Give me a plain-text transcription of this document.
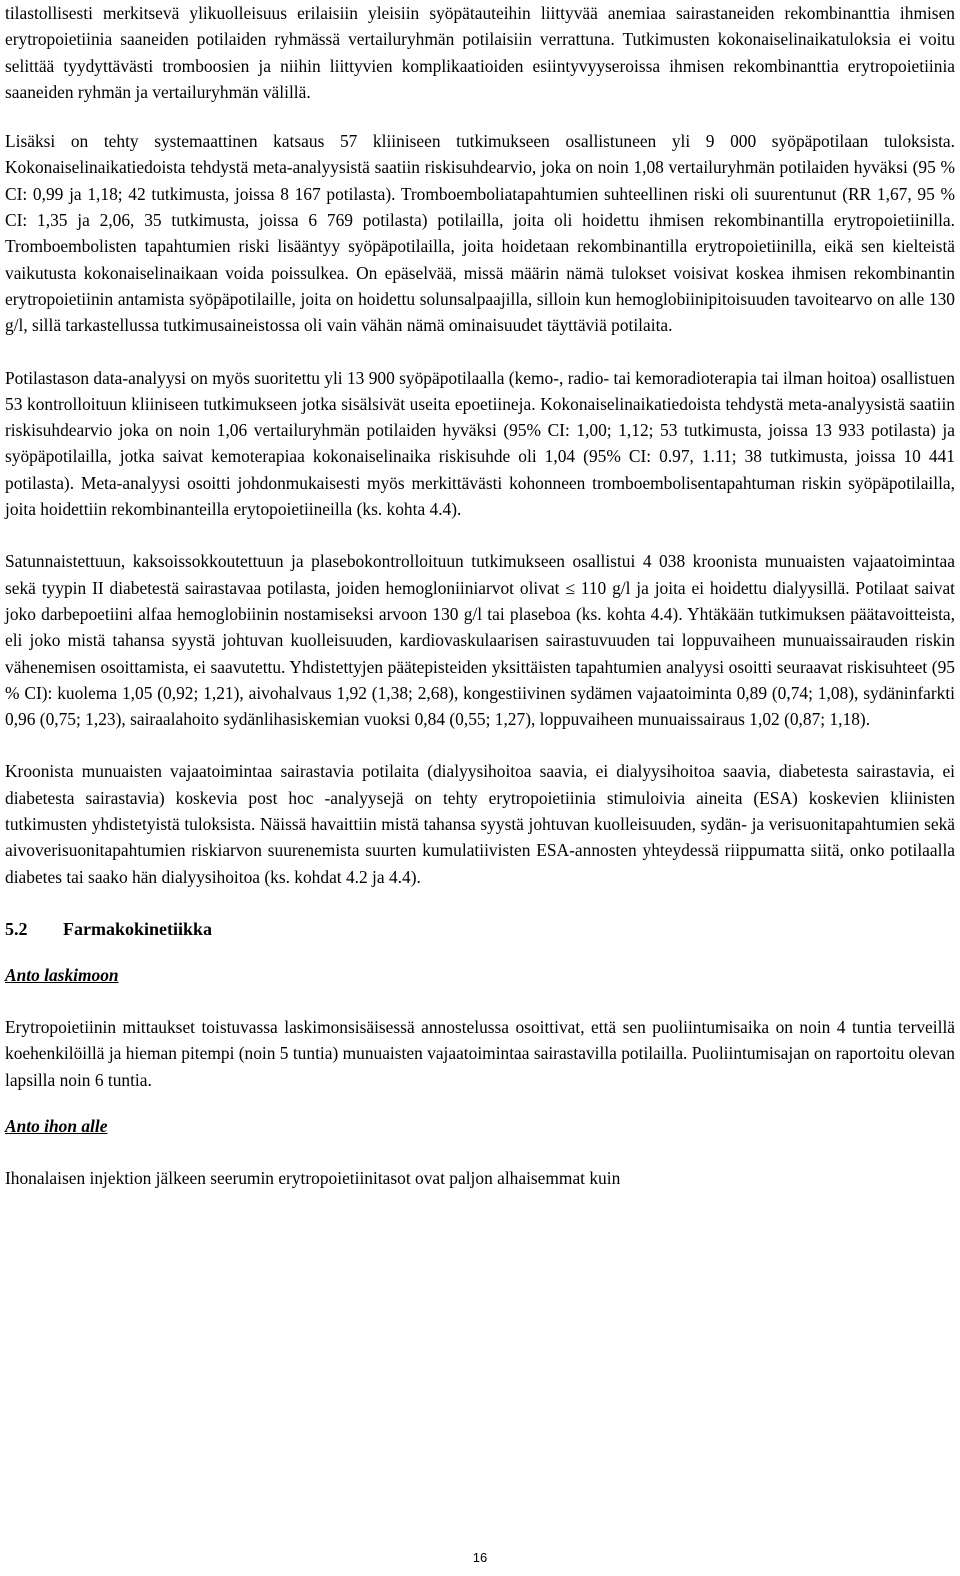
tilastollisesti merkitsevä ylikuolleisuus erilaisiin yleisiin syöpätauteihin liittyvää anemiaa sairastaneiden rekombinanttia ihmisen erytropoietiinia saaneiden potilaiden ryhmässä vertailuryhmän potilaisiin verrattuna. Tutkimusten kokonaiselinaikatuloksia ei voitu selittää tyydyttävästi tromboosien ja niihin liittyvien komplikaatioiden esiintyvyyseroissa ihmisen rekombinanttia erytropoietiinia saaneiden ryhmän ja vertailuryhmän välillä.

Lisäksi on tehty systemaattinen katsaus 57 kliiniseen tutkimukseen osallistuneen yli 9 000 syöpäpotilaan tuloksista. Kokonaiselinaikatiedoista tehdystä meta-analyysistä saatiin riskisuhdearvio, joka on noin 1,08 vertailuryhmän potilaiden hyväksi (95 % CI: 0,99 ja 1,18; 42 tutkimusta, joissa 8 167 potilasta). Tromboemboliatapahtumien suhteellinen riski oli suurentunut (RR 1,67, 95 % CI: 1,35 ja 2,06, 35 tutkimusta, joissa 6 769 potilasta) potilailla, joita oli hoidettu ihmisen rekombinantilla erytropoietiinilla. Tromboembolisten tapahtumien riski lisääntyy syöpäpotilailla, joita hoidetaan rekombinantilla erytropoietiinilla, eikä sen kielteistä vaikutusta kokonaiselinaikaan voida poissulkea. On epäselvää, missä määrin nämä tulokset voisivat koskea ihmisen rekombinantin erytropoietiinin antamista syöpäpotilaille, joita on hoidettu solunsalpaajilla, silloin kun hemoglobiinipitoisuuden tavoitearvo on alle 130 g/l, sillä tarkastellussa tutkimusaineistossa oli vain vähän nämä ominaisuudet täyttäviä potilaita.

Potilastason data-analyysi on myös suoritettu yli 13 900 syöpäpotilaalla (kemo-, radio- tai kemoradioterapia tai ilman hoitoa) osallistuen 53 kontrolloituun kliiniseen tutkimukseen jotka sisälsivät useita epoetiineja. Kokonaiselinaikatiedoista tehdystä meta-analyysistä saatiin riskisuhdearvio joka on noin 1,06 vertailuryhmän potilaiden hyväksi (95% CI: 1,00; 1,12; 53 tutkimusta, joissa 13 933 potilasta) ja syöpäpotilailla, jotka saivat kemoterapiaa kokonaiselinaika riskisuhde oli 1,04 (95% CI: 0.97, 1.11; 38 tutkimusta, joissa 10 441 potilasta). Meta-analyysi osoitti johdonmukaisesti myös merkittävästi kohonneen tromboembolisentapahtuman riskin syöpäpotilailla, joita hoidettiin rekombinanteilla erytopoietiineilla (ks. kohta 4.4).

Satunnaistettuun, kaksoissokkoutettuun ja plasebokontrolloituun tutkimukseen osallistui 4 038 kroonista munuaisten vajaatoimintaa sekä tyypin II diabetestä sairastavaa potilasta, joiden hemogloniiniarvot olivat ≤ 110 g/l ja joita ei hoidettu dialyysillä. Potilaat saivat joko darbepoetiini alfaa hemoglobiinin nostamiseksi arvoon 130 g/l tai plaseboa (ks. kohta 4.4). Yhtäkään tutkimuksen päätavoitteista, eli joko mistä tahansa syystä johtuvan kuolleisuuden, kardiovaskulaarisen sairastuvuuden tai loppuvaiheen munuaissairauden riskin vähenemisen osoittamista, ei saavutettu. Yhdistettyjen päätepisteiden yksittäisten tapahtumien analyysi osoitti seuraavat riskisuhteet (95 % CI): kuolema 1,05 (0,92; 1,21), aivohalvaus 1,92 (1,38; 2,68), kongestiivinen sydämen vajaatoiminta 0,89 (0,74; 1,08), sydäninfarkti 0,96 (0,75; 1,23), sairaalahoito sydänlihasiskemian vuoksi 0,84 (0,55; 1,27), loppuvaiheen munuaissairaus 1,02 (0,87; 1,18).

Kroonista munuaisten vajaatoimintaa sairastavia potilaita (dialyysihoitoa saavia, ei dialyysihoitoa saavia, diabetesta sairastavia, ei diabetesta sairastavia) koskevia post hoc -analyysejä on tehty erytropoietiinia stimuloivia aineita (ESA) koskevien kliinisten tutkimusten yhdistetyistä tuloksista. Näissä havaittiin mistä tahansa syystä johtuvan kuolleisuuden, sydän- ja verisuonitapahtumien sekä aivoverisuonitapahtumien riskiarvon suurenemista suurten kumulatiivisten ESA-annosten yhteydessä riippumatta siitä, onko potilaalla diabetes tai saako hän dialyysihoitoa (ks. kohdat 4.2 ja 4.4).

5.2 Farmakokinetiikka
Anto laskimoon

Erytropoietiinin mittaukset toistuvassa laskimonsisäisessä annostelussa osoittivat, että sen puoliintumisaika on noin 4 tuntia terveillä koehenkilöillä ja hieman pitempi (noin 5 tuntia) munuaisten vajaatoimintaa sairastavilla potilailla. Puoliintumisajan on raportoitu olevan lapsilla noin 6 tuntia.

Anto ihon alle

Ihonalaisen injektion jälkeen seerumin erytropoietiinitasot ovat paljon alhaisemmat kuin

16
